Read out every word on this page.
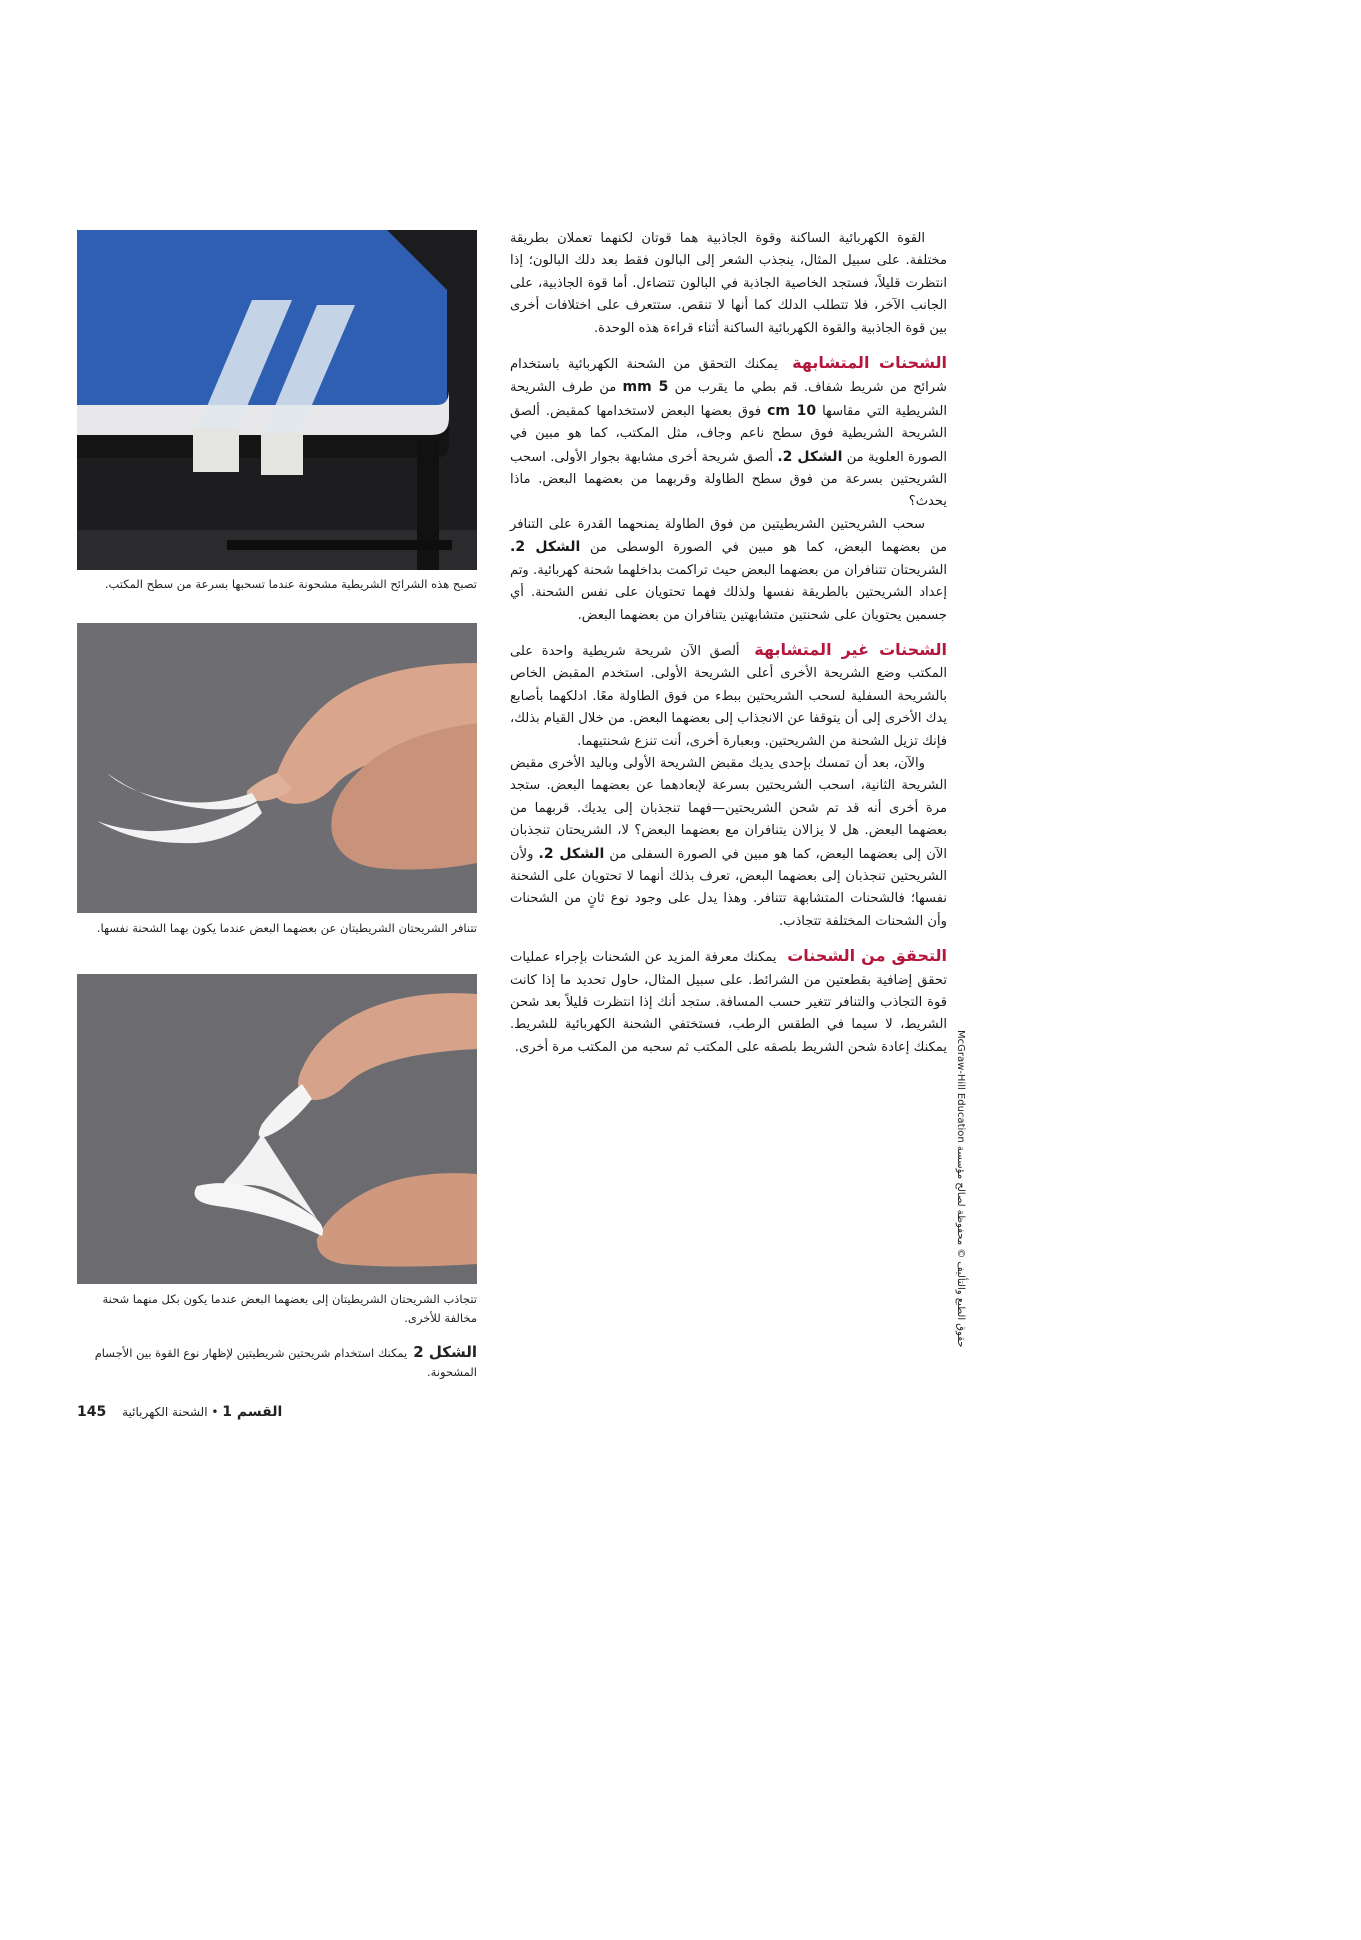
تصبح هذه الشرائح الشريطية مشحونة عندما تسحبها بسرعة من سطح المكتب.
تتنافر الشريحتان الشريطيتان عن بعضهما البعض عندما يكون بهما الشحنة نفسها.
تتجاذب الشريحتان الشريطيتان إلى بعضهما البعض عندما يكون بكل منهما شحنة مخالفة للأخرى.
الشكل 2يمكنك استخدام شريحتين شريطيتين لإظهار نوع القوة بين الأجسام المشحونة.
القسم 1 • الشحنة الكهربائية 145

القوة الكهربائية الساكنة وقوة الجاذبية هما قوتان لكنهما تعملان بطريقة مختلفة. على سبيل المثال، ينجذب الشعر إلى البالون فقط بعد دلك البالون؛ إذا انتظرت قليلاً، فستجد الخاصية الجاذبة في البالون تتضاءل. أما قوة الجاذبية، على الجانب الآخر، فلا تتطلب الدلك كما أنها لا تنقص. ستتعرف على اختلافات أخرى بين قوة الجاذبية والقوة الكهربائية الساكنة أثناء قراءة هذه الوحدة.

الشحنات المتشابهة يمكنك التحقق من الشحنة الكهربائية باستخدام شرائح من شريط شفاف. قم بطي ما يقرب من 5 mm من طرف الشريحة الشريطية التي مقاسها 10 cm فوق بعضها البعض لاستخدامها كمقبض. ألصق الشريحة الشريطية فوق سطح ناعم وجاف، مثل المكتب، كما هو مبين في الصورة العلوية من الشكل 2. ألصق شريحة أخرى مشابهة بجوار الأولى. اسحب الشريحتين بسرعة من فوق سطح الطاولة وقربهما من بعضهما البعض. ماذا يحدث؟

سحب الشريحتين الشريطيتين من فوق الطاولة يمنحهما القدرة على التنافر من بعضهما البعض، كما هو مبين في الصورة الوسطى من الشكل 2. الشريحتان تتنافران من بعضهما البعض حيث تراكمت بداخلهما شحنة كهربائية. وتم إعداد الشريحتين بالطريقة نفسها ولذلك فهما تحتويان على نفس الشحنة. أي جسمين يحتويان على شحنتين متشابهتين يتنافران من بعضهما البعض.

الشحنات غير المتشابهة ألصق الآن شريحة شريطية واحدة على المكتب وضع الشريحة الأخرى أعلى الشريحة الأولى. استخدم المقبض الخاص بالشريحة السفلية لسحب الشريحتين ببطء من فوق الطاولة معًا. ادلكهما بأصابع يدك الأخرى إلى أن يتوقفا عن الانجذاب إلى بعضهما البعض. من خلال القيام بذلك، فإنك تزيل الشحنة من الشريحتين. وبعبارة أخرى، أنت تنزع شحنتيهما.

والآن، بعد أن تمسك بإحدى يديك مقبض الشريحة الأولى وباليد الأخرى مقبض الشريحة الثانية، اسحب الشريحتين بسرعة لإبعادهما عن بعضهما البعض. ستجد مرة أخرى أنه قد تم شحن الشريحتين—فهما تنجذبان إلى يديك. قربهما من بعضهما البعض. هل لا يزالان يتنافران مع بعضهما البعض؟ لا، الشريحتان تنجذبان الآن إلى بعضهما البعض، كما هو مبين في الصورة السفلى من الشكل 2. ولأن الشريحتين تنجذبان إلى بعضهما البعض، تعرف بذلك أنهما لا تحتويان على الشحنة نفسها؛ فالشحنات المتشابهة تتنافر. وهذا يدل على وجود نوع ثانٍ من الشحنات وأن الشحنات المختلفة تتجاذب.

التحقق من الشحنات يمكنك معرفة المزيد عن الشحنات بإجراء عمليات تحقق إضافية بقطعتين من الشرائط. على سبيل المثال، حاول تحديد ما إذا كانت قوة التجاذب والتنافر تتغير حسب المسافة. ستجد أنك إذا انتظرت قليلاً بعد شحن الشريط، لا سيما في الطقس الرطب، فستختفي الشحنة الكهربائية للشريط. يمكنك إعادة شحن الشريط بلصقه على المكتب ثم سحبه من المكتب مرة أخرى. حقوق الطبع والتأليف © محفوظة لصالح مؤسسة McGraw-Hill Education
